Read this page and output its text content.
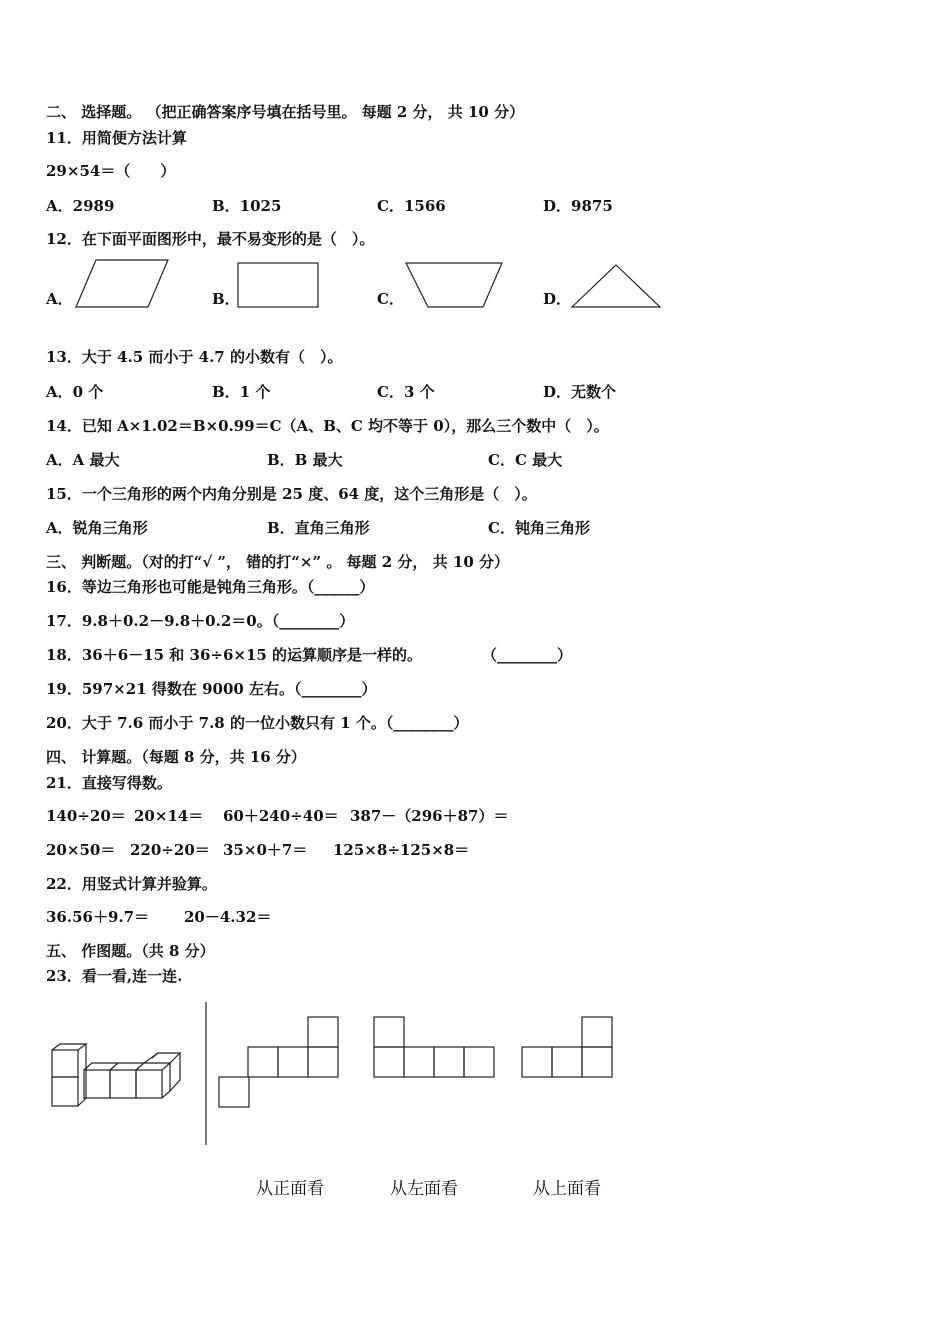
二、 选择题。 （把正确答案序号填在括号里。 每题 2 分， 共 10 分）
11．用简便方法计算
29×54＝（　　）
A．2989	B．1025	C．1566	D．9875
12．在下面平面图形中，最不易变形的是（　）。
A．	B．	C．	D．
13．大于 4.5 而小于 4.7 的小数有（　）。
A．0 个	B．1 个	C．3 个	D．无数个
14．已知 A×1.02＝B×0.99＝C（A、B、C 均不等于 0），那么三个数中（　）。
A．A 最大	B．B 最大	C．C 最大
15．一个三角形的两个内角分别是 25 度、64 度，这个三角形是（　）。
A．锐角三角形	B．直角三角形	C．钝角三角形
三、 判断题。（对的打“√ ”， 错的打“×” 。 每题 2 分， 共 10 分）
16．等边三角形也可能是钝角三角形。（______）
17．9.8＋0.2－9.8＋0.2＝0。（________）
18．36＋6－15 和 36÷6×15 的运算顺序是一样的。	（________）
19．597×21 得数在 9000 左右。（________）
20．大于 7.6 而小于 7.8 的一位小数只有 1 个。（________）
四、 计算题。（每题 8 分，共 16 分）
21．直接写得数。
140÷20＝ 20×14＝ 60＋240÷40＝ 387－（296＋87）＝
20×50＝ 220÷20＝ 35×0＋7＝ 125×8÷125×8＝
22．用竖式计算并验算。
36.56＋9.7＝ 20－4.32＝
五、 作图题。（共 8 分）
23．看一看,连一连.
从正面看	从左面看	从上面看
